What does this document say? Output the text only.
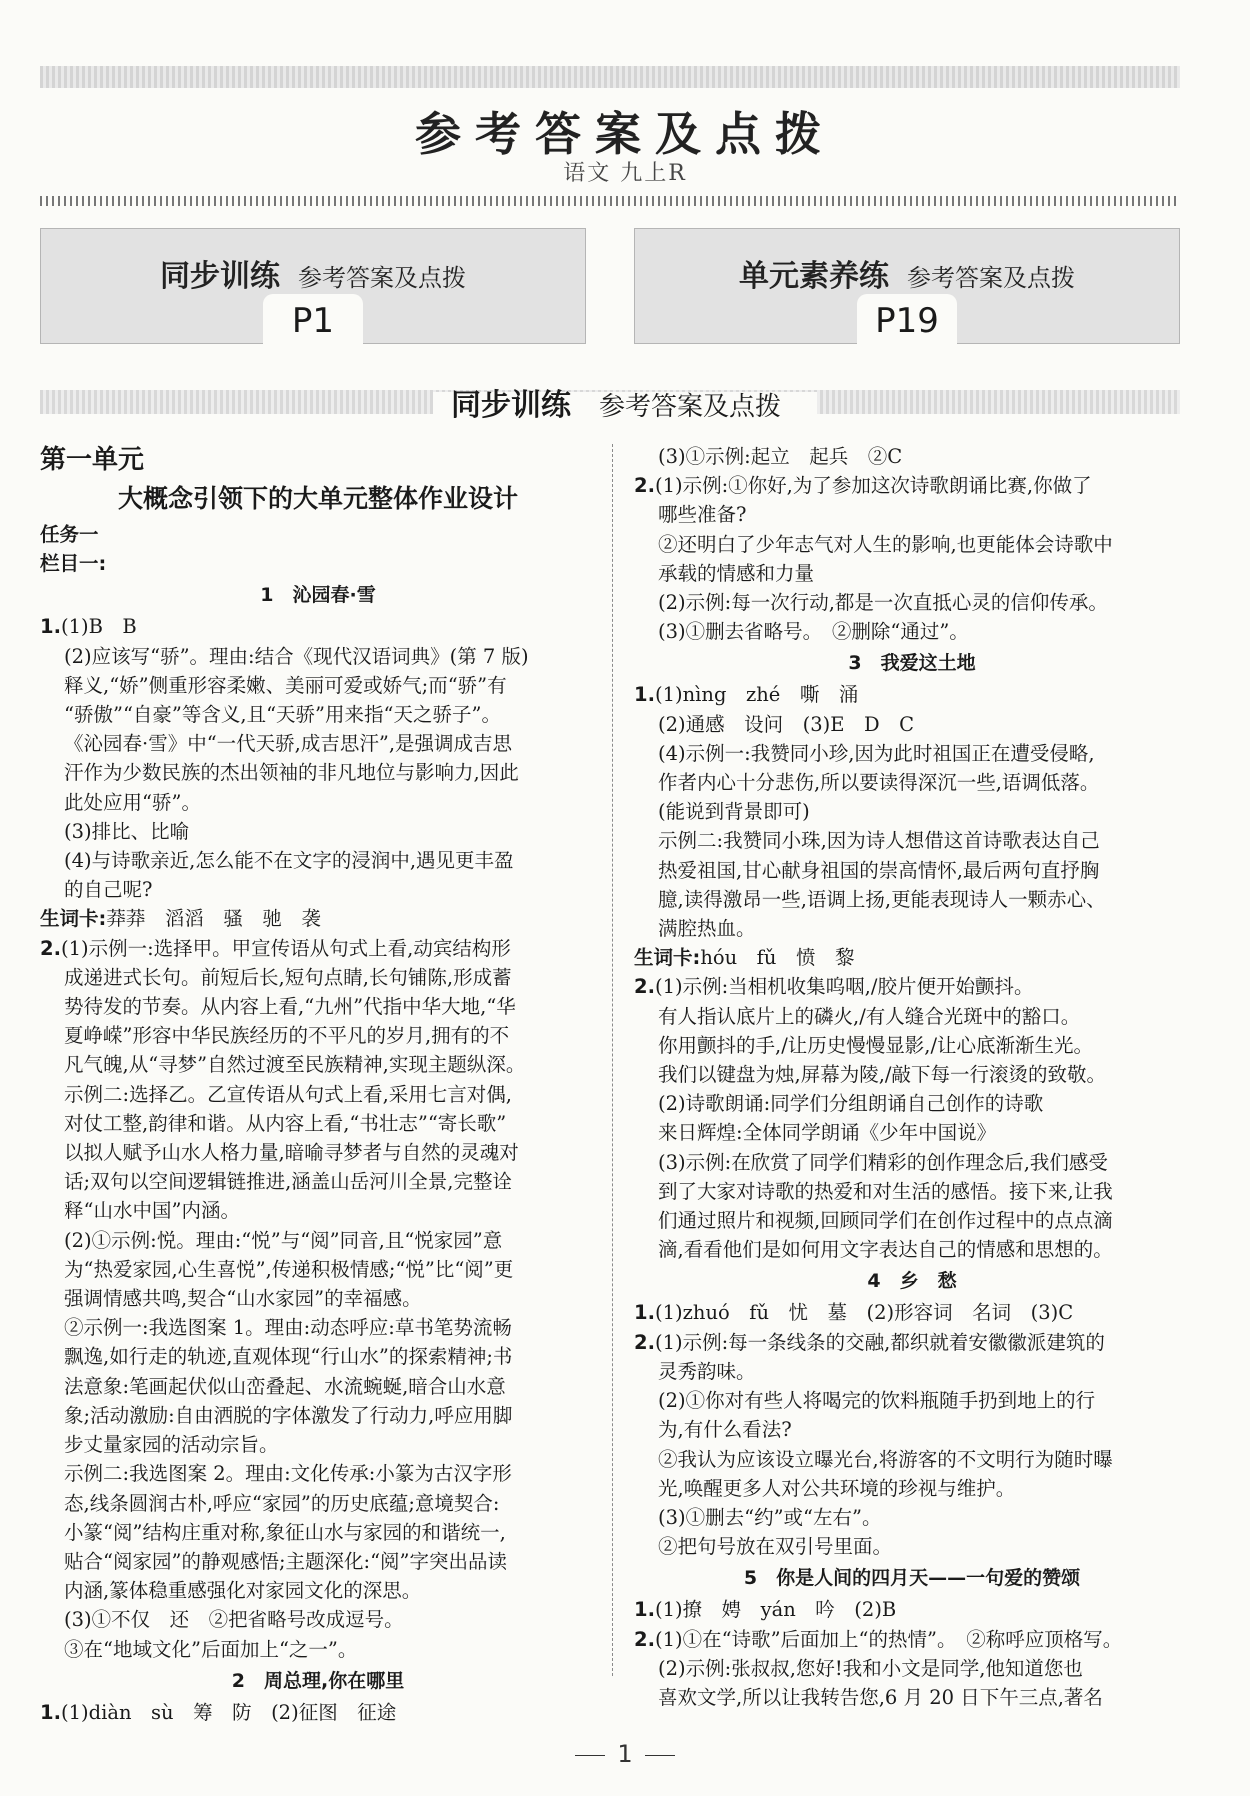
参考答案及点拨
语文 九上R
同步训练 参考答案及点拨
P1
单元素养练 参考答案及点拨
P19
同步训练 参考答案及点拨

第一单元

大概念引领下的大单元整体作业设计

任务一

栏目一:

1　沁园春·雪

1.(1)B　B

(2)应该写“骄”。理由:结合《现代汉语词典》(第 7 版)

释义,“娇”侧重形容柔嫩、美丽可爱或娇气;而“骄”有

“骄傲”“自豪”等含义,且“天骄”用来指“天之骄子”。

《沁园春·雪》中“一代天骄,成吉思汗”,是强调成吉思

汗作为少数民族的杰出领袖的非凡地位与影响力,因此

此处应用“骄”。

(3)排比、比喻

(4)与诗歌亲近,怎么能不在文字的浸润中,遇见更丰盈

的自己呢?

生词卡:莽莽　滔滔　骚　驰　袭

2.(1)示例一:选择甲。甲宣传语从句式上看,动宾结构形

成递进式长句。前短后长,短句点睛,长句铺陈,形成蓄

势待发的节奏。从内容上看,“九州”代指中华大地,“华

夏峥嵘”形容中华民族经历的不平凡的岁月,拥有的不

凡气魄,从“寻梦”自然过渡至民族精神,实现主题纵深。

示例二:选择乙。乙宣传语从句式上看,采用七言对偶,

对仗工整,韵律和谐。从内容上看,“书壮志”“寄长歌”

以拟人赋予山水人格力量,暗喻寻梦者与自然的灵魂对

话;双句以空间逻辑链推进,涵盖山岳河川全景,完整诠

释“山水中国”内涵。

(2)①示例:悦。理由:“悦”与“阅”同音,且“悦家园”意

为“热爱家园,心生喜悦”,传递积极情感;“悦”比“阅”更

强调情感共鸣,契合“山水家园”的幸福感。

②示例一:我选图案 1。理由:动态呼应:草书笔势流畅

飘逸,如行走的轨迹,直观体现“行山水”的探索精神;书

法意象:笔画起伏似山峦叠起、水流蜿蜒,暗合山水意

象;活动激励:自由洒脱的字体激发了行动力,呼应用脚

步丈量家园的活动宗旨。

示例二:我选图案 2。理由:文化传承:小篆为古汉字形

态,线条圆润古朴,呼应“家园”的历史底蕴;意境契合:

小篆“阅”结构庄重对称,象征山水与家园的和谐统一,

贴合“阅家园”的静观感悟;主题深化:“阅”字突出品读

内涵,篆体稳重感强化对家园文化的深思。

(3)①不仅　还　②把省略号改成逗号。

③在“地域文化”后面加上“之一”。

2　周总理,你在哪里

1.(1)diàn　sù　筹　防　(2)征图　征途

(3)①示例:起立　起兵　②C

2.(1)示例:①你好,为了参加这次诗歌朗诵比赛,你做了

哪些准备?

②还明白了少年志气对人生的影响,也更能体会诗歌中

承载的情感和力量

(2)示例:每一次行动,都是一次直抵心灵的信仰传承。

(3)①删去省略号。　②删除“通过”。

3　我爱这土地

1.(1)nìng　zhé　嘶　涌

(2)通感　设问　(3)E　D　C

(4)示例一:我赞同小珍,因为此时祖国正在遭受侵略,

作者内心十分悲伤,所以要读得深沉一些,语调低落。

(能说到背景即可)

示例二:我赞同小珠,因为诗人想借这首诗歌表达自己

热爱祖国,甘心献身祖国的崇高情怀,最后两句直抒胸

臆,读得激昂一些,语调上扬,更能表现诗人一颗赤心、

满腔热血。

生词卡:hóu　fǔ　愤　黎

2.(1)示例:当相机收集呜咽,/胶片便开始颤抖。

有人指认底片上的磷火,/有人缝合光斑中的豁口。

你用颤抖的手,/让历史慢慢显影,/让心底渐渐生光。

我们以键盘为烛,屏幕为陵,/敲下每一行滚烫的致敬。

(2)诗歌朗诵:同学们分组朗诵自己创作的诗歌

来日辉煌:全体同学朗诵《少年中国说》

(3)示例:在欣赏了同学们精彩的创作理念后,我们感受

到了大家对诗歌的热爱和对生活的感悟。接下来,让我

们通过照片和视频,回顾同学们在创作过程中的点点滴

滴,看看他们是如何用文字表达自己的情感和思想的。

4　乡　愁

1.(1)zhuó　fǔ　忧　墓　(2)形容词　名词　(3)C

2.(1)示例:每一条线条的交融,都织就着安徽徽派建筑的

灵秀韵味。

(2)①你对有些人将喝完的饮料瓶随手扔到地上的行

为,有什么看法?

②我认为应该设立曝光台,将游客的不文明行为随时曝

光,唤醒更多人对公共环境的珍视与维护。

(3)①删去“约”或“左右”。

②把句号放在双引号里面。

5　你是人间的四月天——一句爱的赞颂

1.(1)撩　娉　yán　吟　(2)B

2.(1)①在“诗歌”后面加上“的热情”。　②称呼应顶格写。

(2)示例:张叔叔,您好!我和小文是同学,他知道您也

喜欢文学,所以让我转告您,6 月 20 日下午三点,著名

1
